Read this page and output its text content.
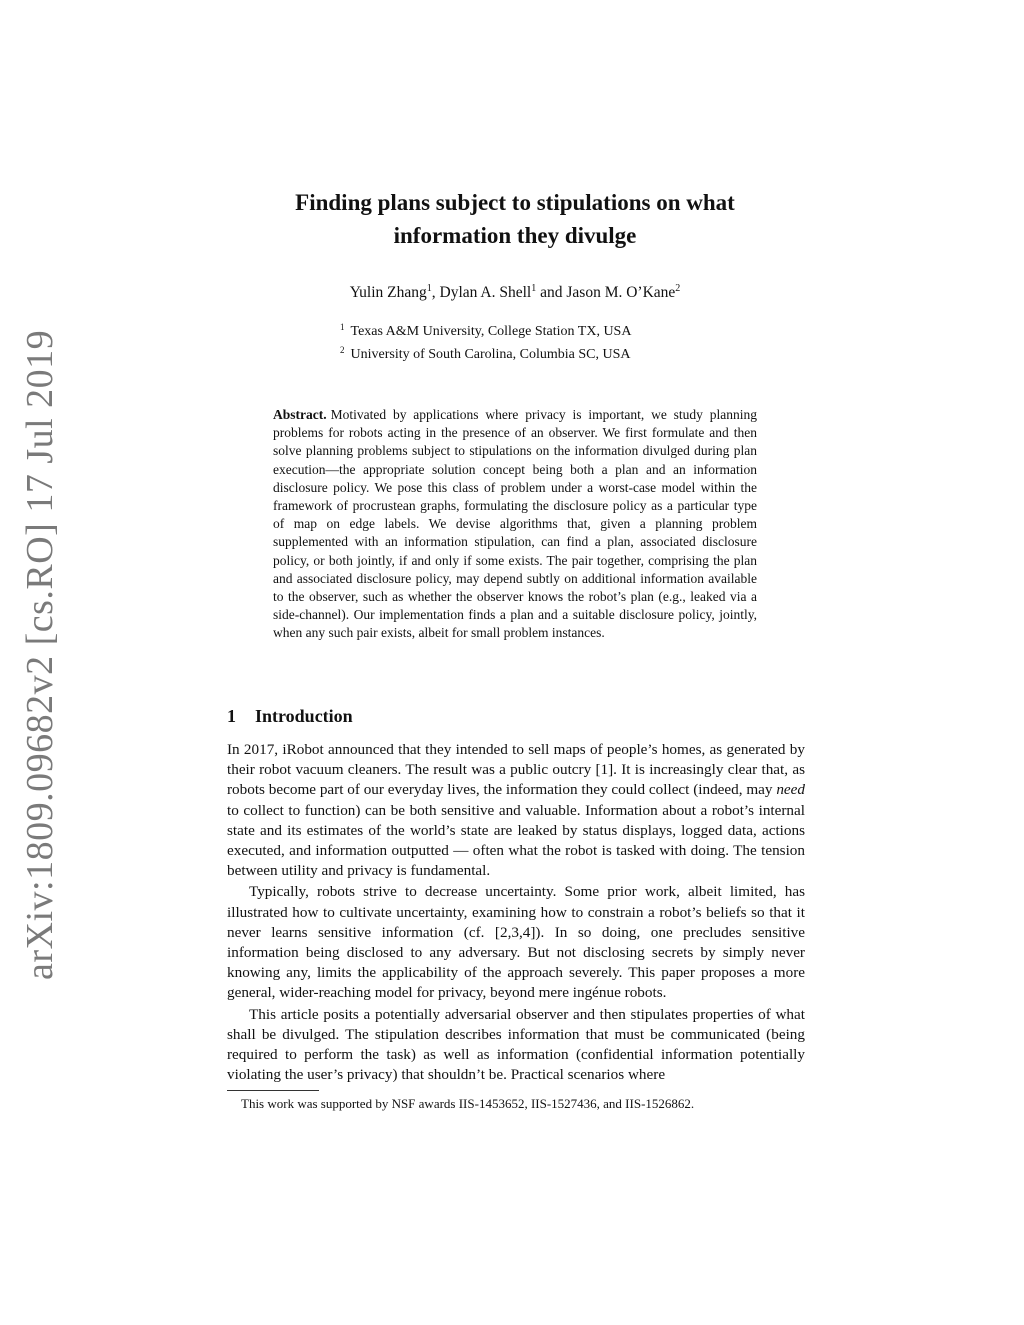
arXiv:1809.09682v2 [cs.RO] 17 Jul 2019
Finding plans subject to stipulations on what
information they divulge
Yulin Zhang$^1$, Dylan A. Shell$^1$ and Jason M. O’Kane$^2$
$^1$ Texas A&M University, College Station TX, USA
$^2$ University of South Carolina, Columbia SC, USA
Abstract. Motivated by applications where privacy is important, we study planning problems for robots acting in the presence of an observer. We first formulate and then solve planning problems subject to stipulations on the information divulged during plan execution—the appropriate solution concept being both a plan and an information disclosure policy. We pose this class of problem under a worst-case model within the framework of procrustean graphs, formulating the disclosure policy as a particular type of map on edge labels. We devise algorithms that, given a planning problem supplemented with an information stipulation, can find a plan, associated disclosure policy, or both jointly, if and only if some exists. The pair together, comprising the plan and associated disclosure policy, may depend subtly on additional information available to the observer, such as whether the observer knows the robot’s plan (e.g., leaked via a side-channel). Our implementation finds a plan and a suitable disclosure policy, jointly, when any such pair exists, albeit for small problem instances.
1 Introduction

In 2017, iRobot announced that they intended to sell maps of people’s homes, as generated by their robot vacuum cleaners. The result was a public outcry [1]. It is increasingly clear that, as robots become part of our everyday lives, the information they could collect (indeed, may need to collect to function) can be both sensitive and valuable. Information about a robot’s internal state and its estimates of the world’s state are leaked by status displays, logged data, actions executed, and information outputted — often what the robot is tasked with doing. The tension between utility and privacy is fundamental.

Typically, robots strive to decrease uncertainty. Some prior work, albeit limited, has illustrated how to cultivate uncertainty, examining how to constrain a robot’s beliefs so that it never learns sensitive information (cf. [2,3,4]). In so doing, one precludes sensitive information being disclosed to any adversary. But not disclosing secrets by simply never knowing any, limits the applicability of the approach severely. This paper proposes a more general, wider-reaching model for privacy, beyond mere ingénue robots.

This article posits a potentially adversarial observer and then stipulates properties of what shall be divulged. The stipulation describes information that must be communicated (being required to perform the task) as well as information (confidential information potentially violating the user’s privacy) that shouldn’t be. Practical scenarios where

This work was supported by NSF awards IIS-1453652, IIS-1527436, and IIS-1526862.
